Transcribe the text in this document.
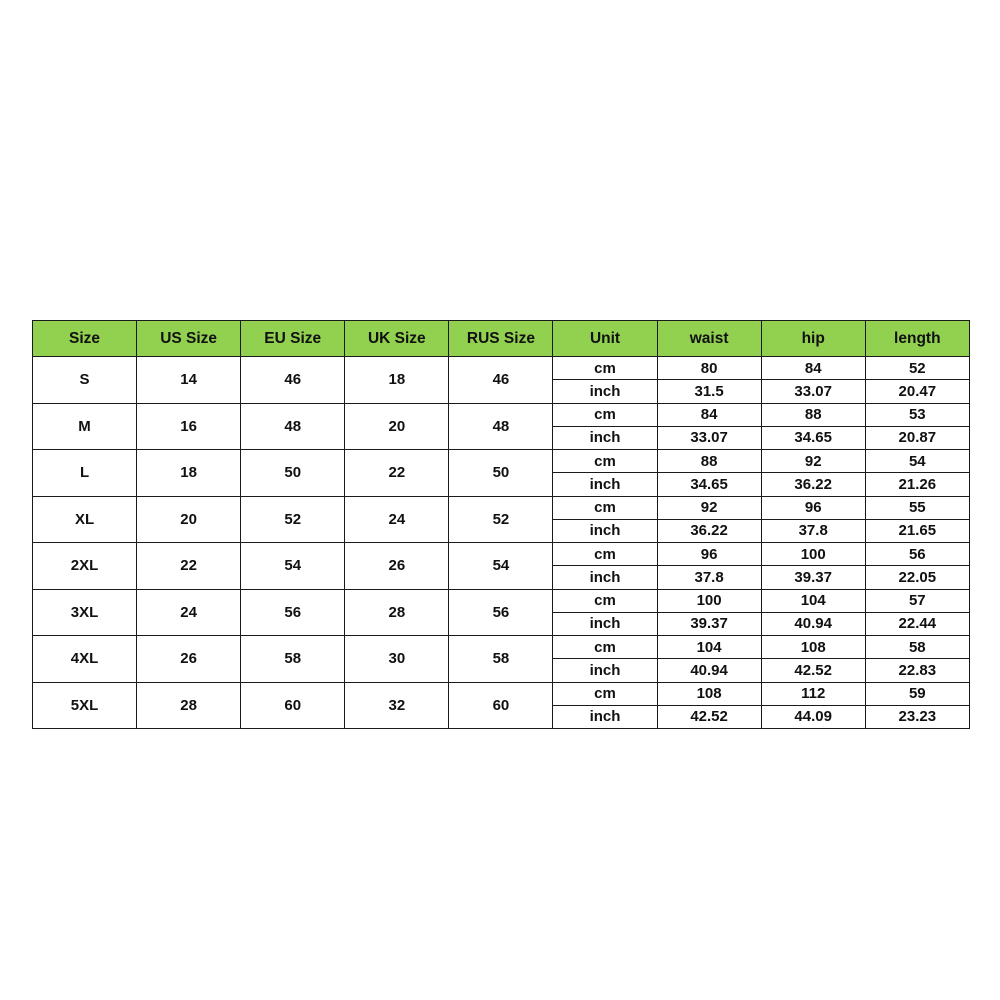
Size	US Size	EU Size	UK Size	RUS Size	Unit	waist	hip	length
S	14	46	18	46	cm	80	84	52
					inch	31.5	33.07	20.47
M	16	48	20	48	cm	84	88	53
					inch	33.07	34.65	20.87
L	18	50	22	50	cm	88	92	54
					inch	34.65	36.22	21.26
XL	20	52	24	52	cm	92	96	55
					inch	36.22	37.8	21.65
2XL	22	54	26	54	cm	96	100	56
					inch	37.8	39.37	22.05
3XL	24	56	28	56	cm	100	104	57
					inch	39.37	40.94	22.44
4XL	26	58	30	58	cm	104	108	58
					inch	40.94	42.52	22.83
5XL	28	60	32	60	cm	108	112	59
					inch	42.52	44.09	23.23
